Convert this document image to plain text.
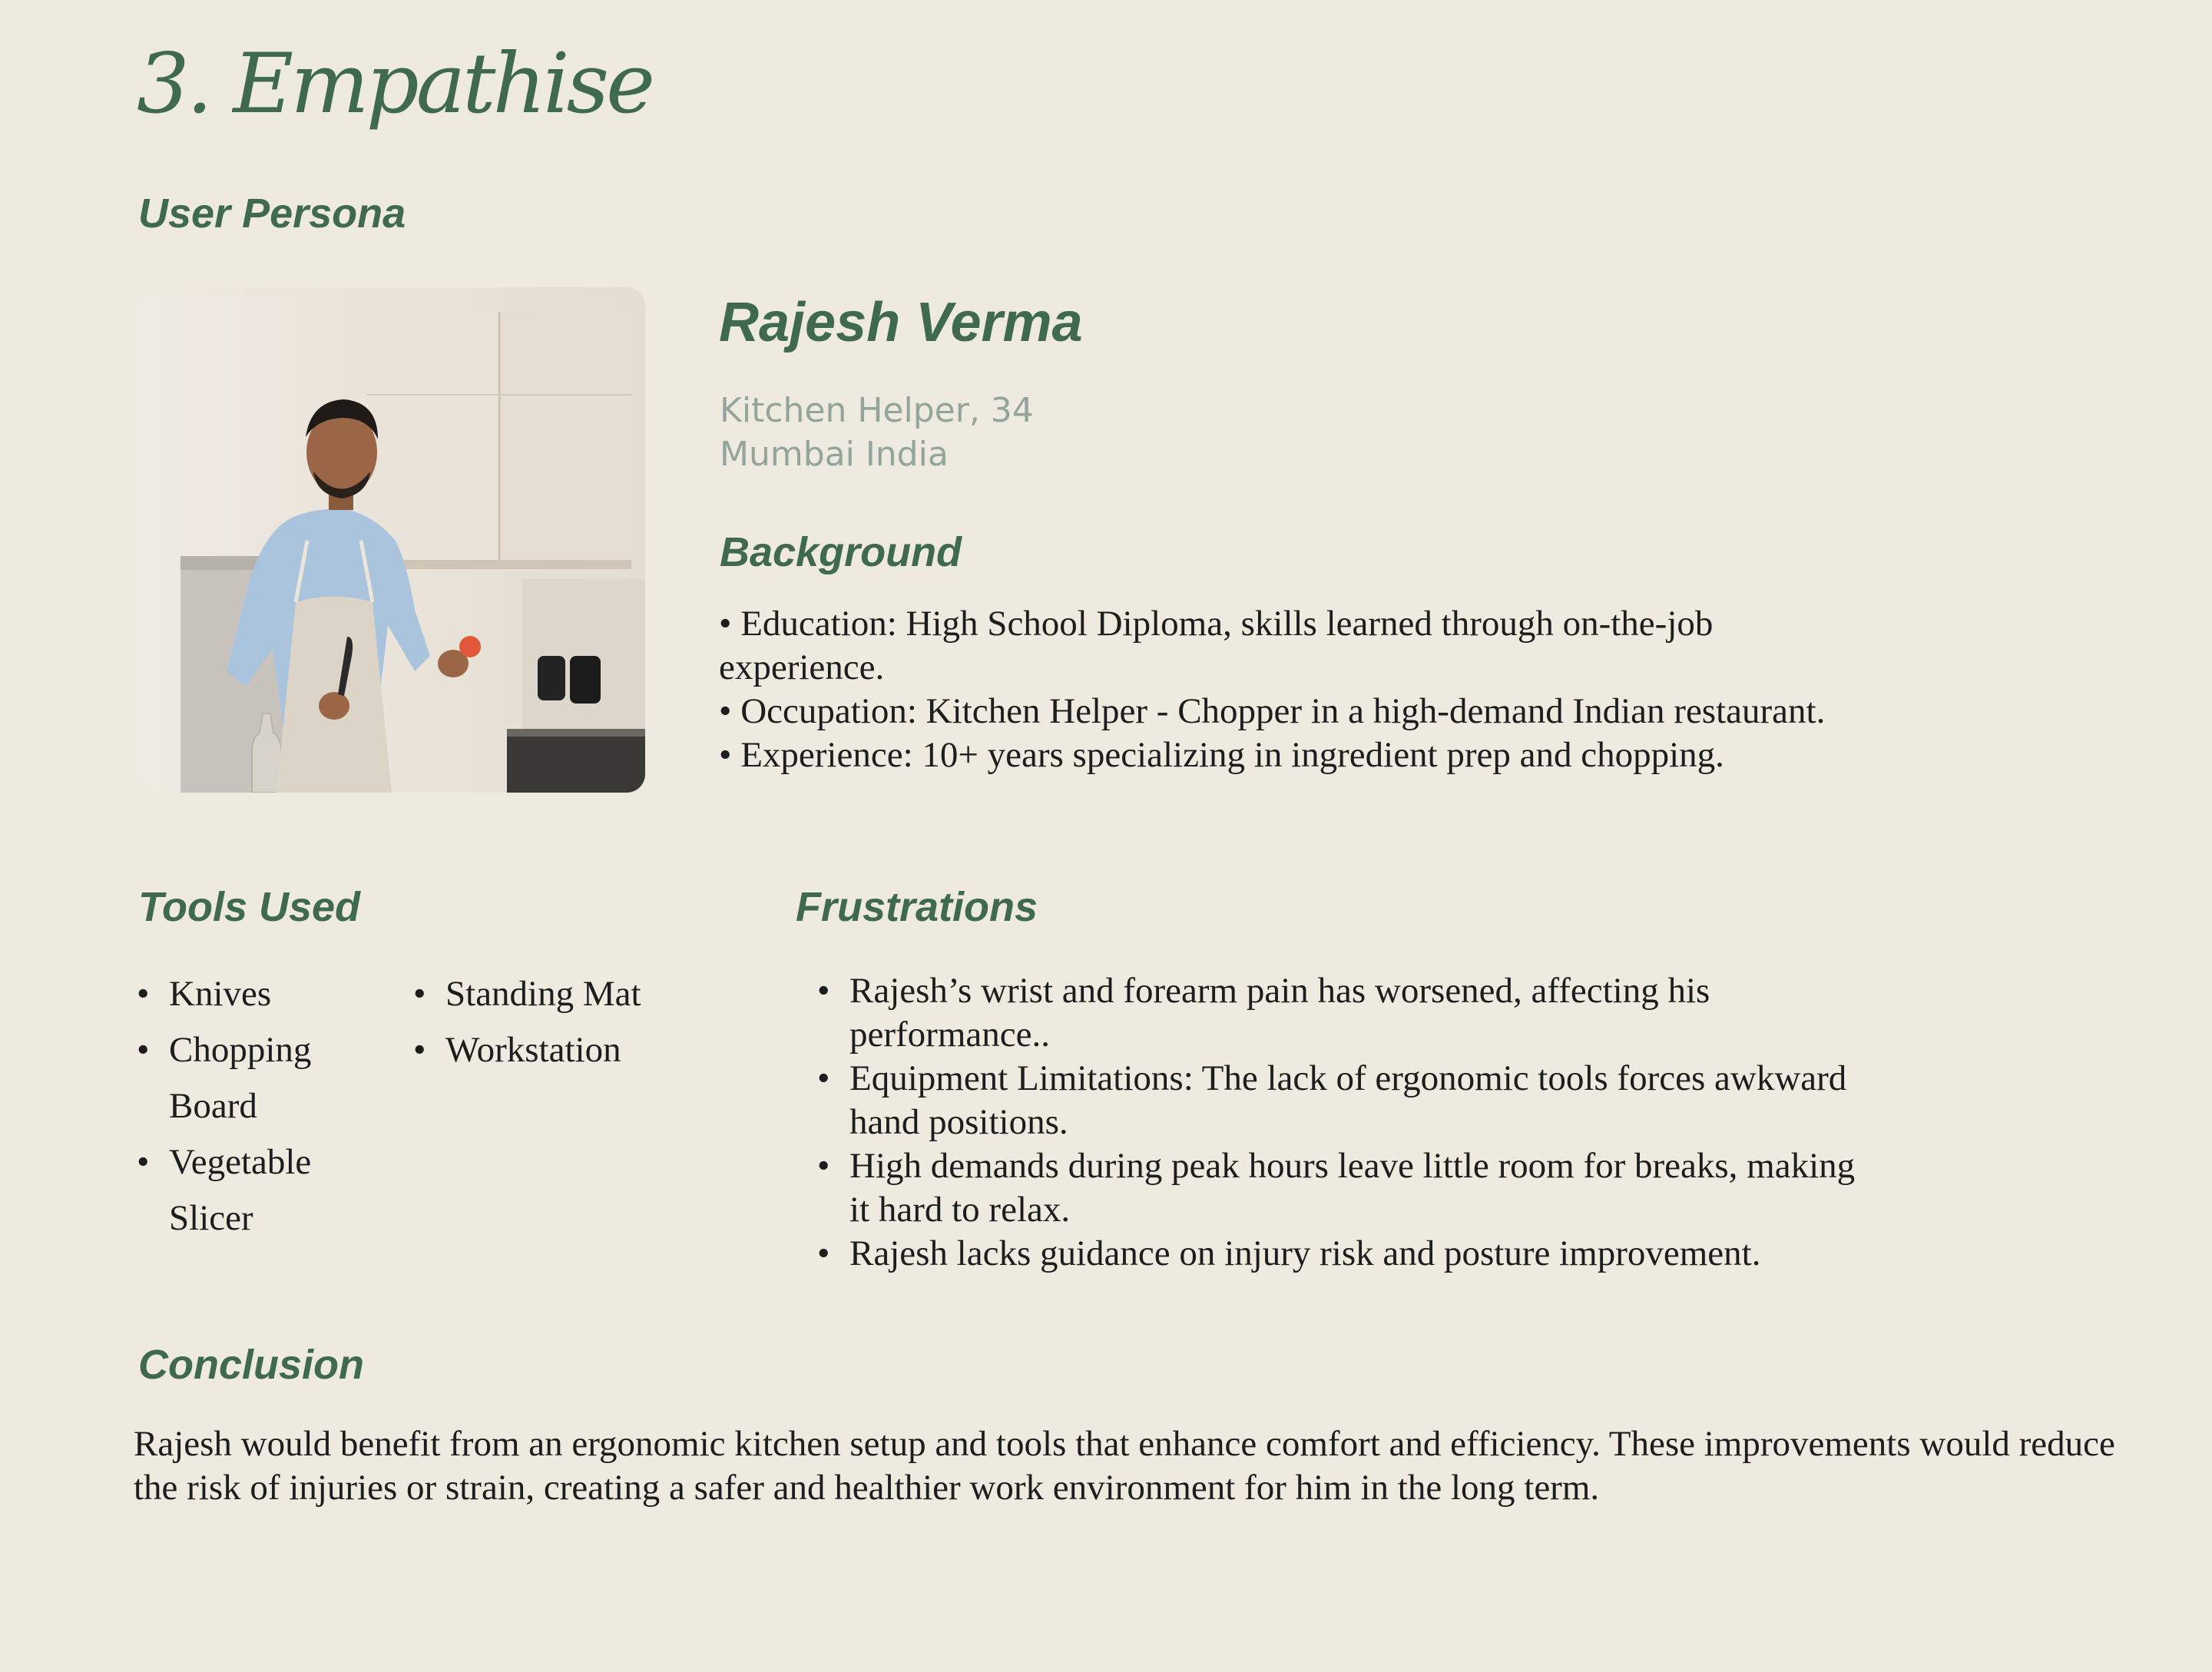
3. Empathise
User Persona
Rajesh Verma
Kitchen Helper, 34
Mumbai India
Background
• Education: High School Diploma, skills learned through on-the-job experience.
• Occupation: Kitchen Helper - Chopper in a high-demand Indian restaurant.
• Experience: 10+ years specializing in ingredient prep and chopping.
Tools Used
• Knives
• Chopping Board
• Vegetable Slicer
• Standing Mat
• Workstation
Frustrations
• Rajesh’s wrist and forearm pain has worsened, affecting his performance..
• Equipment Limitations: The lack of ergonomic tools forces awkward hand positions.
• High demands during peak hours leave little room for breaks, making it hard to relax.
• Rajesh lacks guidance on injury risk and posture improvement.
Conclusion

Rajesh would benefit from an ergonomic kitchen setup and tools that enhance comfort and efficiency. These improvements would reduce the risk of injuries or strain, creating a safer and healthier work environment for him in the long term.
